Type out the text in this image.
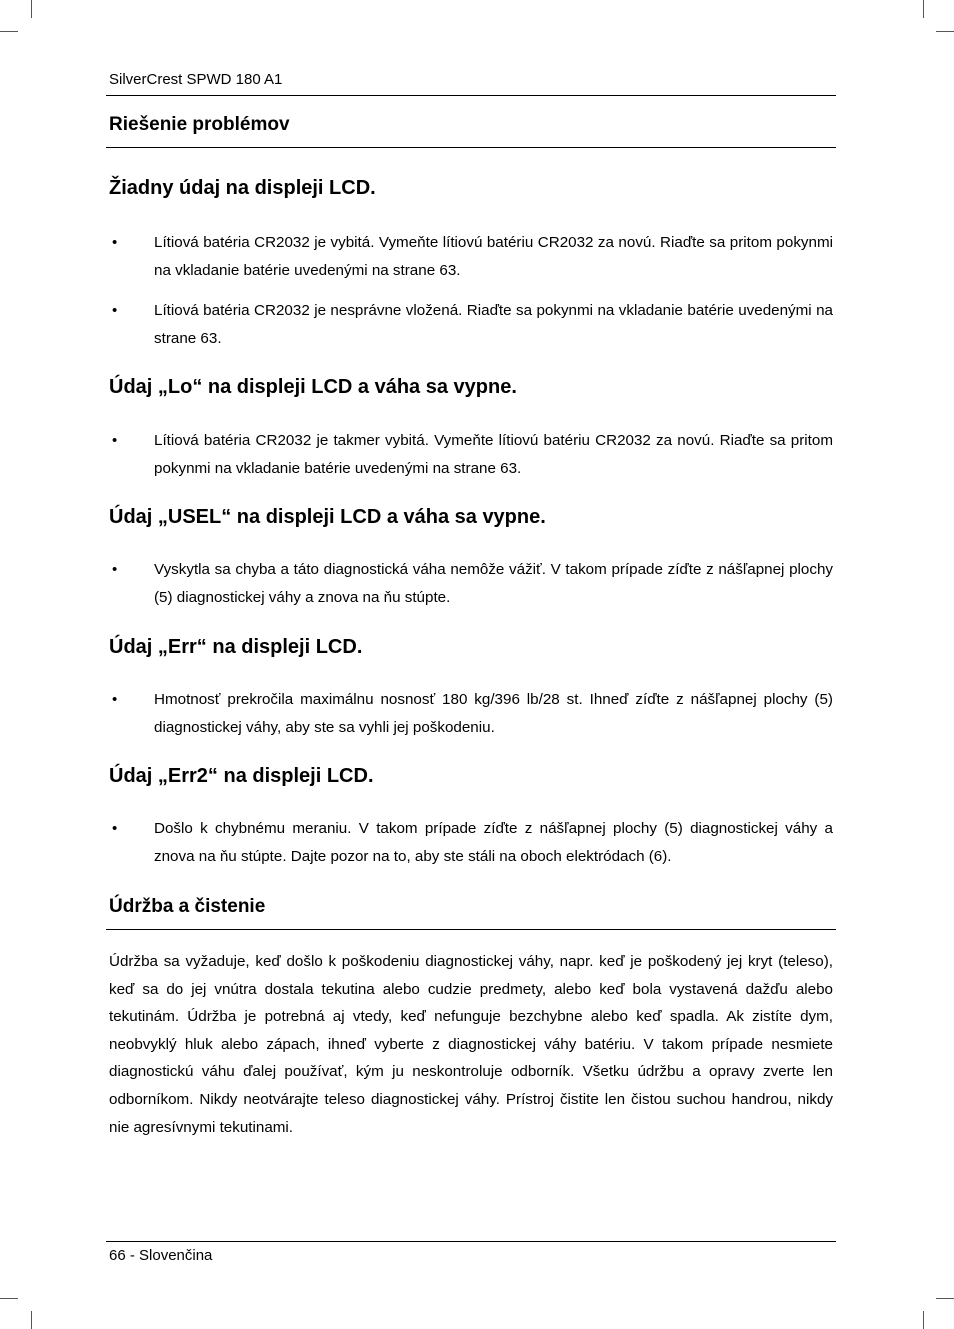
SilverCrest SPWD 180 A1
Riešenie problémov
Žiadny údaj na displeji LCD.
• Lítiová batéria CR2032 je vybitá. Vymeňte lítiovú batériu CR2032 za novú. Riaďte sa pritom pokynmi na vkladanie batérie uvedenými na strane 63.
• Lítiová batéria CR2032 je nesprávne vložená. Riaďte sa pokynmi na vkladanie batérie uvedenými na strane 63.
Údaj „Lo“ na displeji LCD a váha sa vypne.
• Lítiová batéria CR2032 je takmer vybitá. Vymeňte lítiovú batériu CR2032 za novú. Riaďte sa pritom pokynmi na vkladanie batérie uvedenými na strane 63.
Údaj „USEL“ na displeji LCD a váha sa vypne.
• Vyskytla sa chyba a táto diagnostická váha nemôže vážiť. V takom prípade zíďte z nášľapnej plochy (5) diagnostickej váhy a znova na ňu stúpte.
Údaj „Err“ na displeji LCD.
• Hmotnosť prekročila maximálnu nosnosť 180 kg/396 lb/28 st. Ihneď zíďte z nášľapnej plochy (5) diagnostickej váhy, aby ste sa vyhli jej poškodeniu.
Údaj „Err2“ na displeji LCD.
• Došlo k chybnému meraniu. V takom prípade zíďte z nášľapnej plochy (5) diagnostickej váhy a znova na ňu stúpte. Dajte pozor na to, aby ste stáli na oboch elektródach (6).
Údržba a čistenie
Údržba sa vyžaduje, keď došlo k poškodeniu diagnostickej váhy, napr. keď je poškodený jej kryt (teleso), keď sa do jej vnútra dostala tekutina alebo cudzie predmety, alebo keď bola vystavená dažďu alebo tekutinám. Údržba je potrebná aj vtedy, keď nefunguje bezchybne alebo keď spadla. Ak zistíte dym, neobvyklý hluk alebo zápach, ihneď vyberte z diagnostickej váhy batériu. V takom prípade nesmiete diagnostickú váhu ďalej používať, kým ju neskontroluje odborník. Všetku údržbu a opravy zverte len odborníkom. Nikdy neotvárajte teleso diagnostickej váhy. Prístroj čistite len čistou suchou handrou, nikdy nie agresívnymi tekutinami.
66 - Slovenčina
